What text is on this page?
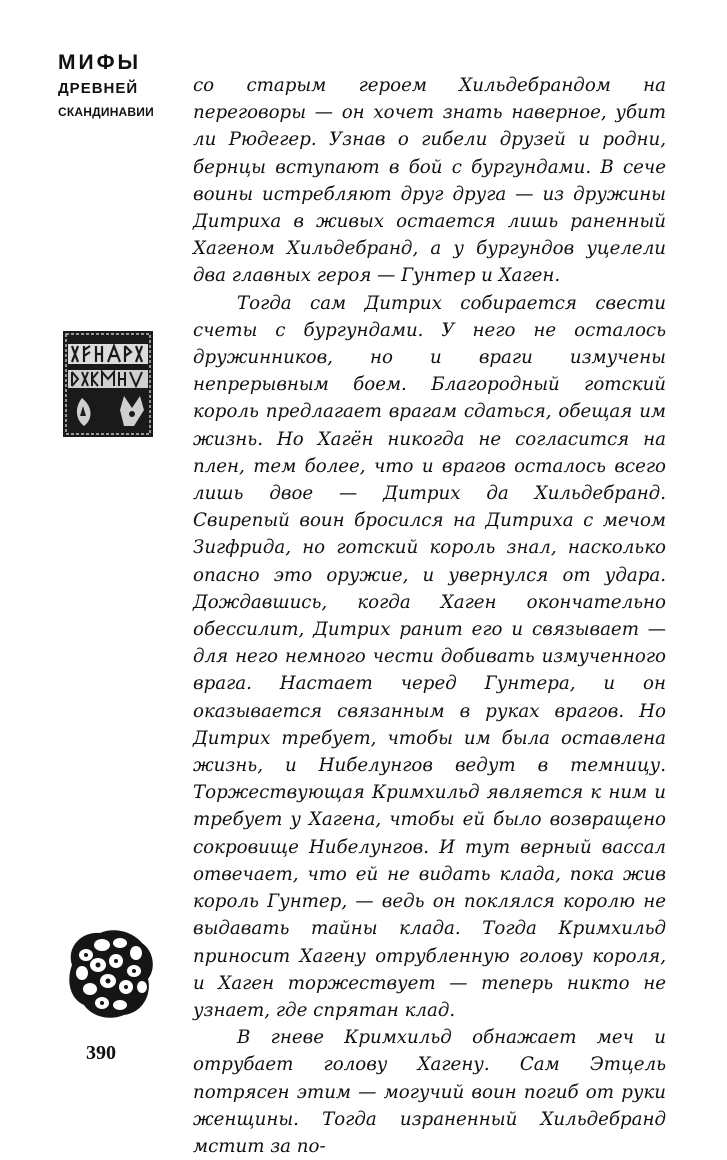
МИФЫ
ДРЕВНЕЙ
СКАНДИНАВИИ
390

со старым героем Хильдебрандом на переговоры — он хочет знать наверное, убит ли Рюдегер. Узнав о гибели друзей и родни, бернцы вступают в бой с бургундами. В сече воины истребляют друг друга — из дружины Дитриха в живых остается лишь раненный Хагеном Хильдебранд, а у бургундов уцелели два главных героя — Гунтер и Хаген.

Тогда сам Дитрих собирается свести счеты с бургундами. У него не осталось дружинников, но и враги измучены непрерывным боем. Благородный готский король предлагает врагам сдаться, обещая им жизнь. Но Хагён никогда не согласится на плен, тем более, что и врагов осталось всего лишь двое — Дитрих да Хильдебранд. Свирепый воин бросился на Дитриха с мечом Зигфрида, но готский король знал, насколько опасно это оружие, и увернулся от удара. Дождавшись, когда Хаген окончательно обессилит, Дитрих ранит его и связывает — для него немного чести добивать измученного врага. Настает черед Гунтера, и он оказывается связанным в руках врагов. Но Дитрих требует, чтобы им была оставлена жизнь, и Нибелунгов ведут в темницу. Торжествующая Кримхильд является к ним и требует у Хагена, чтобы ей было возвращено сокровище Нибелунгов. И тут верный вассал отвечает, что ей не видать клада, пока жив король Гунтер, — ведь он поклялся королю не выдавать тайны клада. Тогда Кримхильд приносит Хагену отрубленную голову короля, и Хаген торжествует — теперь никто не узнает, где спрятан клад.

В гневе Кримхильд обнажает меч и отрубает голову Хагену. Сам Этцель потрясен этим — могучий воин погиб от руки женщины. Тогда израненный Хильдебранд мстит за по-
